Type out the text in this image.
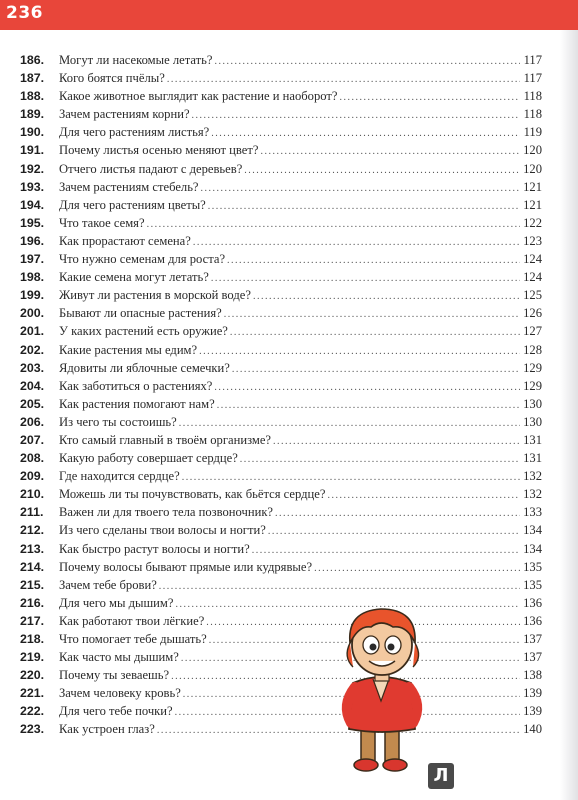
236
186.	Могут ли насекомые летать? .....	117
187.	Кого боятся пчёлы? .....	117
188.	Какое животное выглядит как растение и наоборот? .....	118
189.	Зачем растениям корни? .....	118
190.	Для чего растениям листья? .....	119
191.	Почему листья осенью меняют цвет? .....	120
192.	Отчего листья падают с деревьев? .....	120
193.	Зачем растениям стебель? .....	121
194.	Для чего растениям цветы? .....	121
195.	Что такое семя? .....	122
196.	Как прорастают семена? .....	123
197.	Что нужно семенам для роста? .....	124
198.	Какие семена могут летать? .....	124
199.	Живут ли растения в морской воде? .....	125
200.	Бывают ли опасные растения? .....	126
201.	У каких растений есть оружие? .....	127
202.	Какие растения мы едим? .....	128
203.	Ядовиты ли яблочные семечки? .....	129
204.	Как заботиться о растениях? .....	129
205.	Как растения помогают нам? .....	130
206.	Из чего ты состоишь? .....	130
207.	Кто самый главный в твоём организме? .....	131
208.	Какую работу совершает сердце? .....	131
209.	Где находится сердце? .....	132
210.	Можешь ли ты почувствовать, как бьётся сердце? .....	132
211.	Важен ли для твоего тела позвоночник? .....	133
212.	Из чего сделаны твои волосы и ногти? .....	134
213.	Как быстро растут волосы и ногти? .....	134
214.	Почему волосы бывают прямые или кудрявые? .....	135
215.	Зачем тебе брови? .....	135
216.	Для чего мы дышим? .....	136
217.	Как работают твои лёгкие? .....	136
218.	Что помогает тебе дышать? .....	137
219.	Как часто мы дышим? .....	137
220.	Почему ты зеваешь? .....	138
221.	Зачем человеку кровь? .....	139
222.	Для чего тебе почки? .....	139
223.	Как устроен глаз? .....	140
Л
